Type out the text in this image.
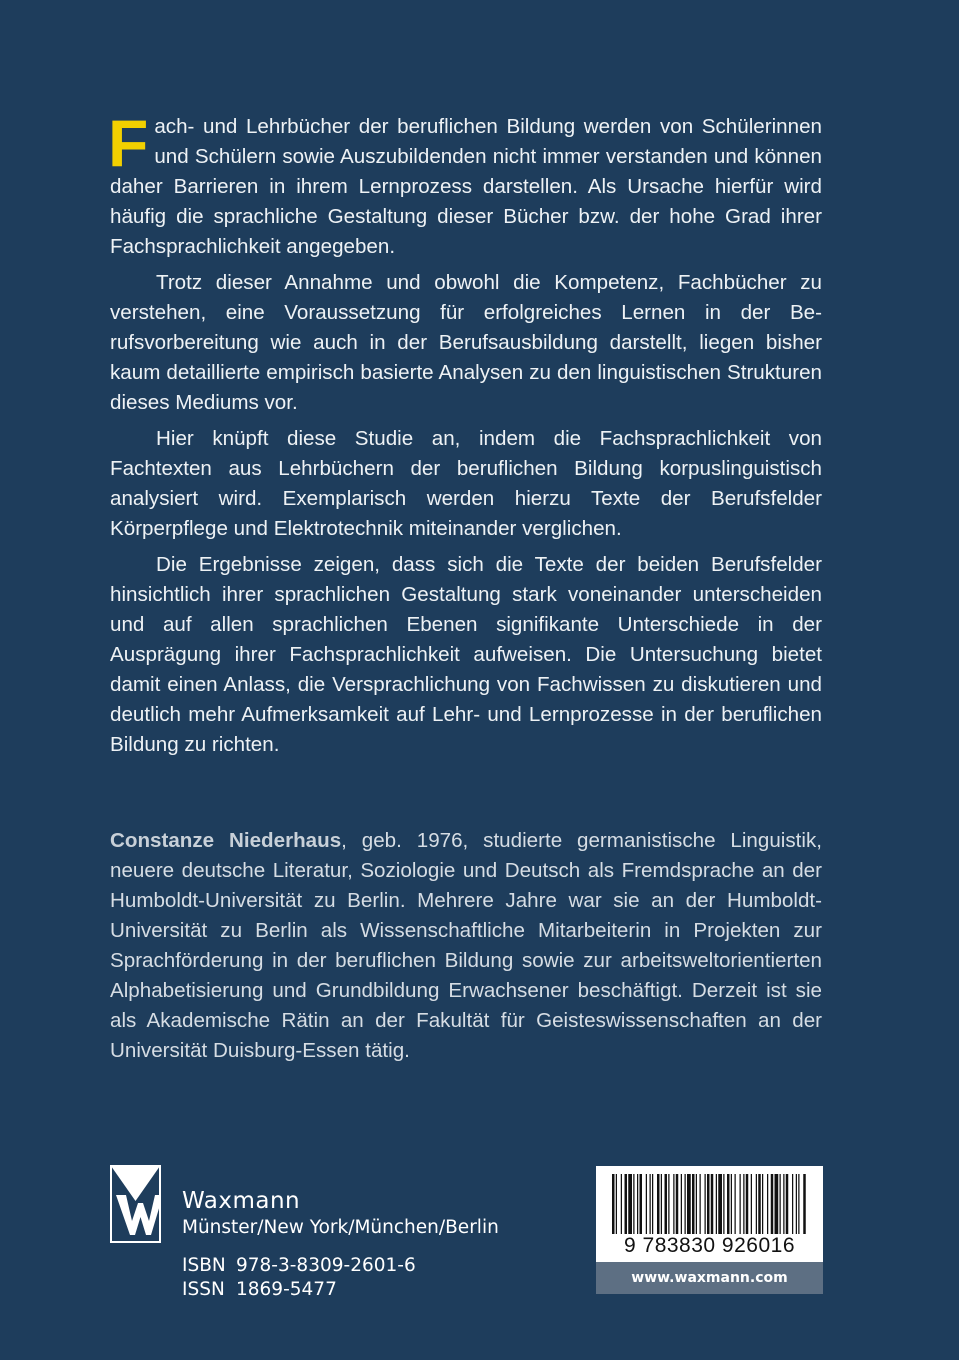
Fach- und Lehrbücher der beruflichen Bildung werden von Schülerinnen und Schülern sowie Auszubildenden nicht immer verstanden und können daher Barrieren in ihrem Lernprozess darstellen. Als Ursache hierfür wird häufig die sprachliche Gestaltung dieser Bücher bzw. der hohe Grad ihrer Fachsprachlichkeit angegeben.

Trotz dieser Annahme und obwohl die Kompetenz, Fachbücher zu verstehen, eine Voraussetzung für erfolgreiches Lernen in der Berufsvorbereitung wie auch in der Berufsausbildung darstellt, liegen bisher kaum detaillierte empirisch basierte Analysen zu den linguistischen Strukturen dieses Mediums vor.

Hier knüpft diese Studie an, indem die Fachsprachlichkeit von Fachtexten aus Lehrbüchern der beruflichen Bildung korpuslinguistisch analysiert wird. Exemplarisch werden hierzu Texte der Berufsfelder Körperpflege und Elektrotechnik miteinander verglichen.

Die Ergebnisse zeigen, dass sich die Texte der beiden Berufsfelder hinsichtlich ihrer sprachlichen Gestaltung stark voneinander unterscheiden und auf allen sprachlichen Ebenen signifikante Unterschiede in der Ausprägung ihrer Fachsprachlichkeit aufweisen. Die Untersuchung bietet damit einen Anlass, die Versprachlichung von Fachwissen zu diskutieren und deutlich mehr Aufmerksamkeit auf Lehr- und Lernprozesse in der beruflichen Bildung zu richten.

Constanze Niederhaus, geb. 1976, studierte germanistische Linguistik, neuere deutsche Literatur, Soziologie und Deutsch als Fremdsprache an der Humboldt-Universität zu Berlin. Mehrere Jahre war sie an der Humboldt-Universität zu Berlin als Wissenschaftliche Mitarbeiterin in Projekten zur Sprachförderung in der beruflichen Bildung sowie zur arbeitsweltorientierten Alphabetisierung und Grundbildung Erwachsener beschäftigt. Derzeit ist sie als Akademische Rätin an der Fakultät für Geisteswissenschaften an der Universität Duisburg-Essen tätig.

Waxmann
Münster/New York/München/Berlin
ISBN 978-3-8309-2601-6
ISSN 1869-5477
9 783830 926016
www.waxmann.com
